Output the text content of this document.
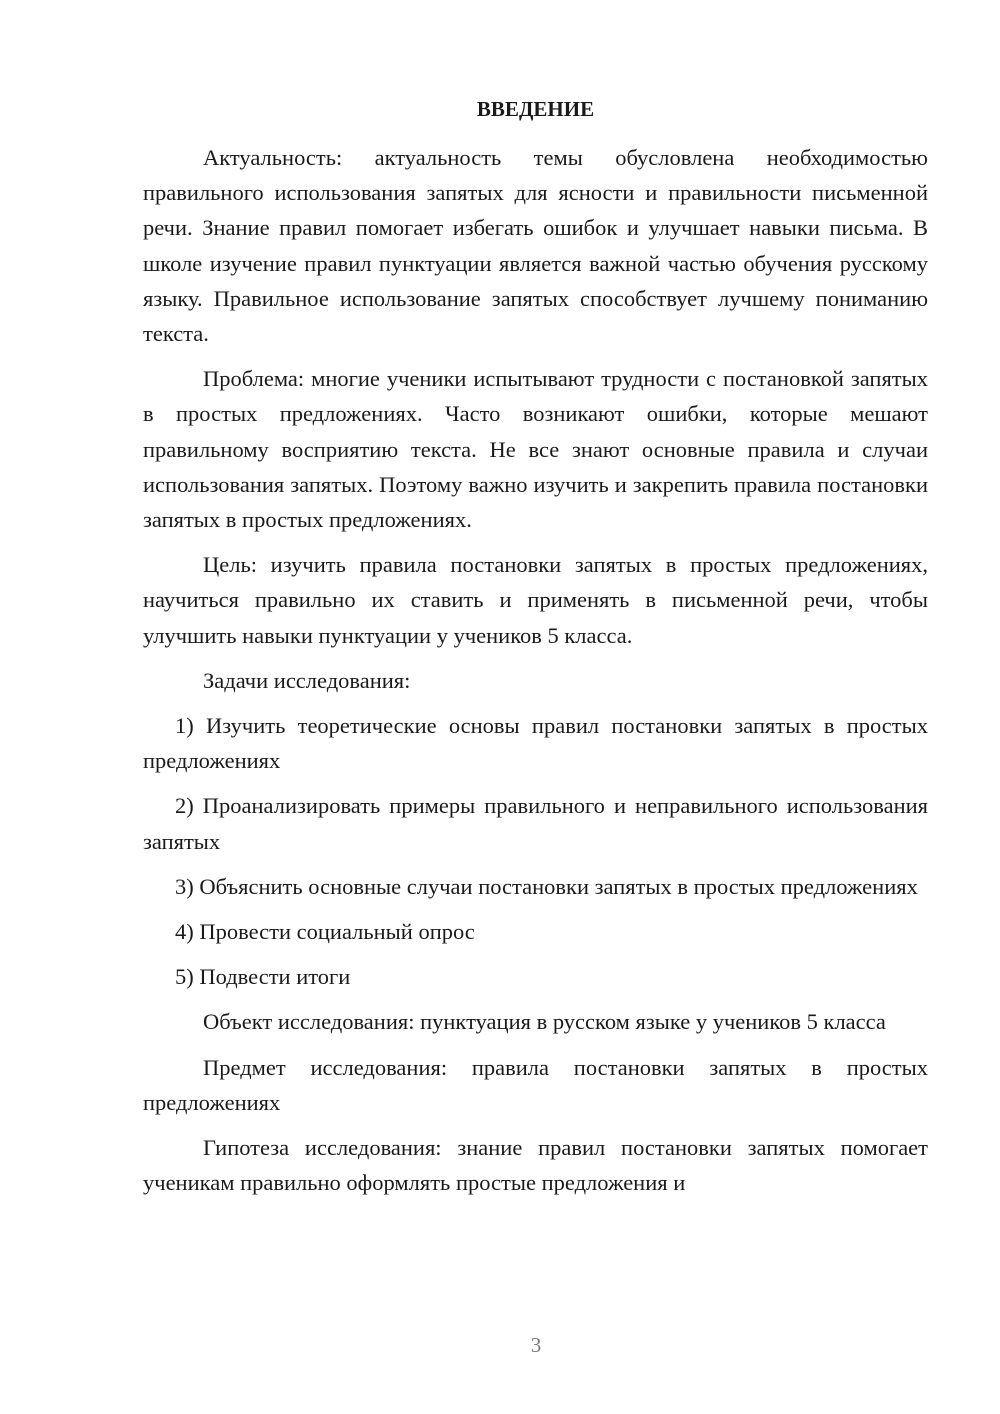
ВВЕДЕНИЕ

Актуальность: актуальность темы обусловлена необходимостью правильного использования запятых для ясности и правильности письменной речи. Знание правил помогает избегать ошибок и улучшает навыки письма. В школе изучение правил пунктуации является важной частью обучения русскому языку. Правильное использование запятых способствует лучшему пониманию текста.

Проблема: многие ученики испытывают трудности с постановкой запятых в простых предложениях. Часто возникают ошибки, которые мешают правильному восприятию текста. Не все знают основные правила и случаи использования запятых. Поэтому важно изучить и закрепить правила постановки запятых в простых предложениях.

Цель: изучить правила постановки запятых в простых предложениях, научиться правильно их ставить и применять в письменной речи, чтобы улучшить навыки пунктуации у учеников 5 класса.

Задачи исследования:

1) Изучить теоретические основы правил постановки запятых в простых предложениях

2) Проанализировать примеры правильного и неправильного использования запятых

3) Объяснить основные случаи постановки запятых в простых предложениях

4) Провести социальный опрос

5) Подвести итоги

Объект исследования: пунктуация в русском языке у учеников 5 класса

Предмет исследования: правила постановки запятых в простых предложениях

Гипотеза исследования: знание правил постановки запятых помогает ученикам правильно оформлять простые предложения и

3
